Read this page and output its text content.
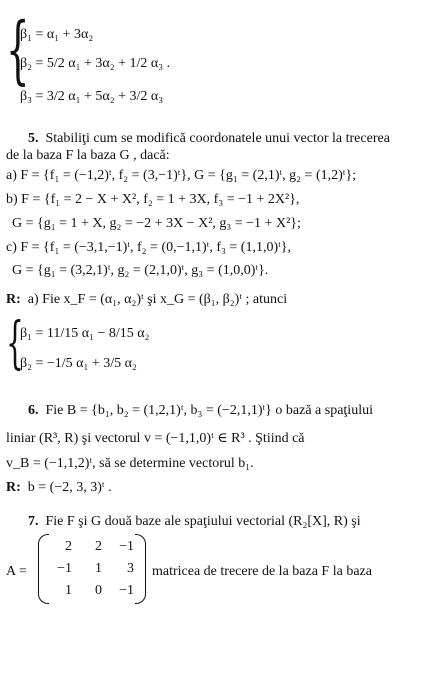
{
β₁ = α₁ + 3α₂
β₂ = 5/2 α₁ + 3α₂ + 1/2 α₃ .
β₃ = 3/2 α₁ + 5α₂ + 3/2 α₃
5. Stabiliţi cum se modifică coordonatele unui vector la trecerea
de la baza F la baza G , dacă:
a) F = {f₁ = (−1,2)ᵗ, f₂ = (3,−1)ᵗ}, G = {g₁ = (2,1)ᵗ, g₂ = (1,2)ᵗ};
b) F = {f₁ = 2 − X + X², f₂ = 1 + 3X, f₃ = −1 + 2X²},
G = {g₁ = 1 + X, g₂ = −2 + 3X − X², g₃ = −1 + X²};
c) F = {f₁ = (−3,1,−1)ᵗ, f₂ = (0,−1,1)ᵗ, f₃ = (1,1,0)ᵗ},
G = {g₁ = (3,2,1)ᵗ, g₂ = (2,1,0)ᵗ, g₃ = (1,0,0)ᵗ}.
R: a) Fie x_F = (α₁, α₂)ᵗ şi x_G = (β₁, β₂)ᵗ ; atunci
{
β₁ = 11/15 α₁ − 8/15 α₂
β₂ = −1/5 α₁ + 3/5 α₂
6. Fie B = {b₁, b₂ = (1,2,1)ᵗ, b₃ = (−2,1,1)ᵗ} o bază a spaţiului
liniar (R³, R) şi vectorul v = (−1,1,0)ᵗ ∈ R³ . Ştiind că
v_B = (−1,1,2)ᵗ, să se determine vectorul b₁.
R: b = (−2, 3, 3)ᵗ .
7. Fie F şi G două baze ale spaţiului vectorial (R₂[X], R) şi
A =
2	2	−1
−1	1	3
1	0	−1
matricea de trecere de la baza F la baza
